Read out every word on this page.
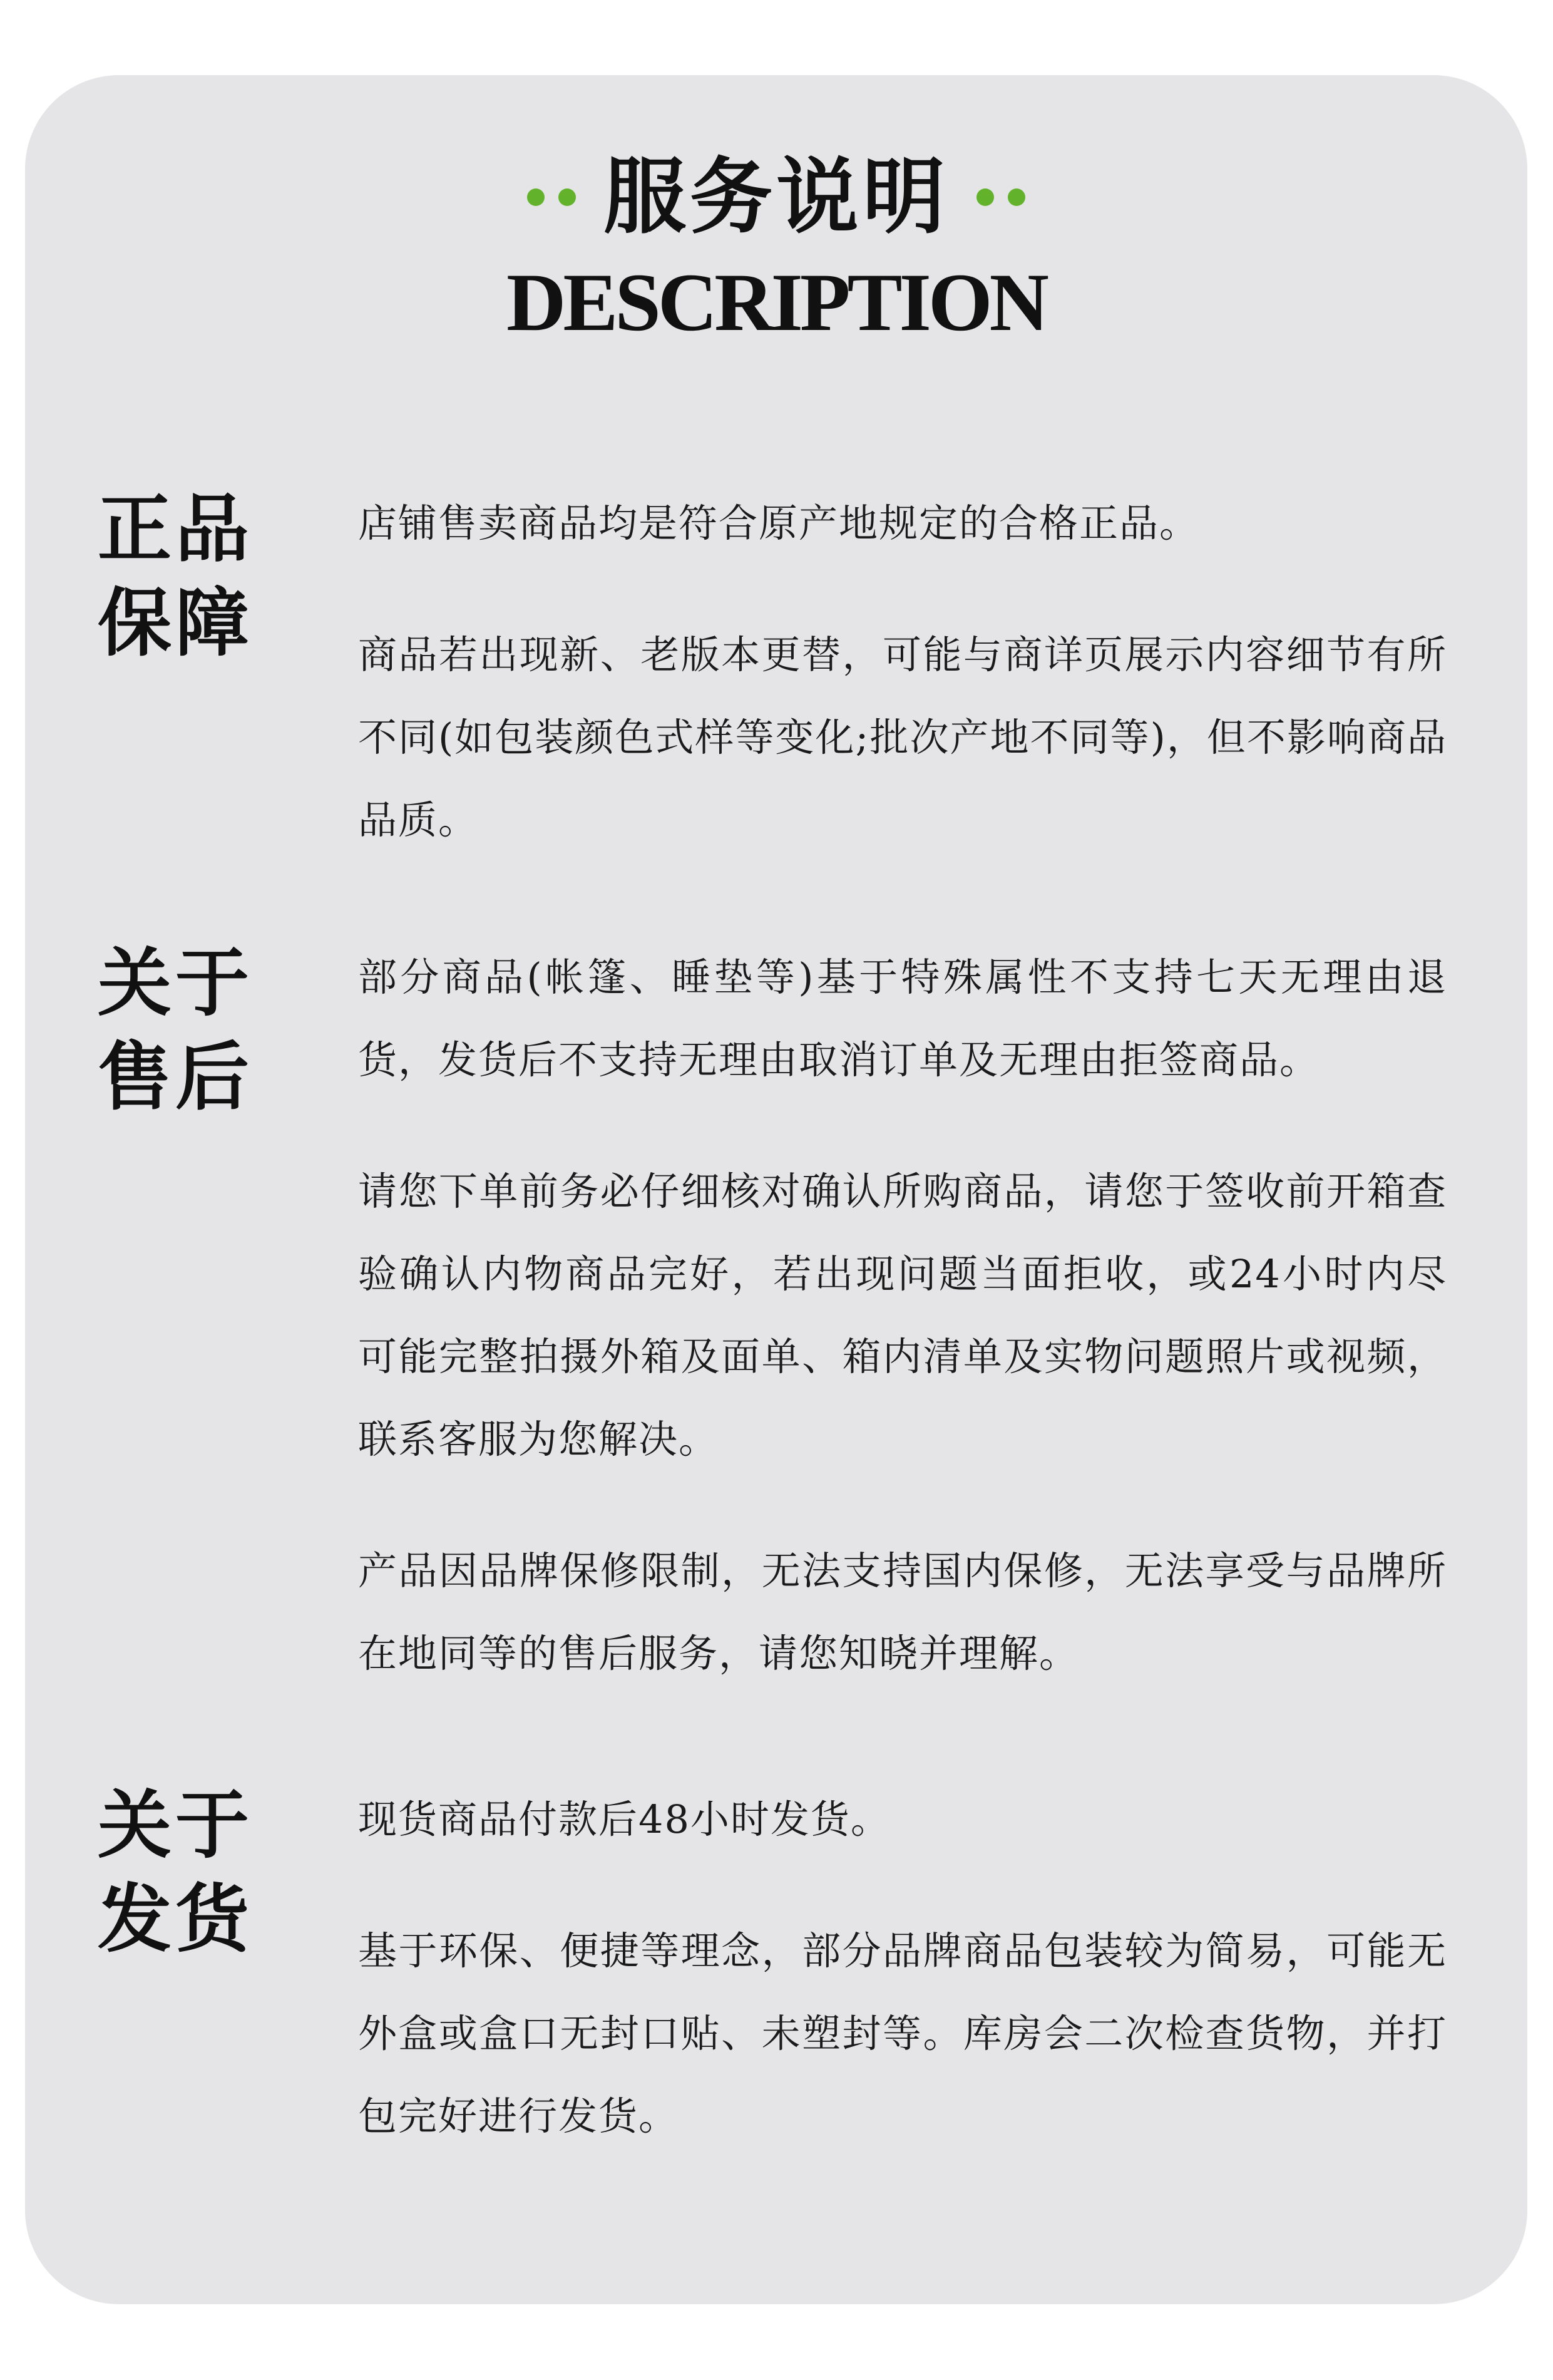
服务说明
DESCRIPTION
正品
保障

店铺售卖商品均是符合原产地规定的合格正品。

商品若出现新、老版本更替，可能与商详页展示内容细节有所不同(如包装颜色式样等变化;批次产地不同等)，但不影响商品品质。

关于
售后

部分商品(帐篷、睡垫等)基于特殊属性不支持七天无理由退货，发货后不支持无理由取消订单及无理由拒签商品。

请您下单前务必仔细核对确认所购商品，请您于签收前开箱查验确认内物商品完好，若出现问题当面拒收，或24小时内尽可能完整拍摄外箱及面单、箱内清单及实物问题照片或视频，联系客服为您解决。

产品因品牌保修限制，无法支持国内保修，无法享受与品牌所在地同等的售后服务，请您知晓并理解。

关于
发货

现货商品付款后48小时发货。

基于环保、便捷等理念，部分品牌商品包装较为简易，可能无外盒或盒口无封口贴、未塑封等。库房会二次检查货物，并打包完好进行发货。
